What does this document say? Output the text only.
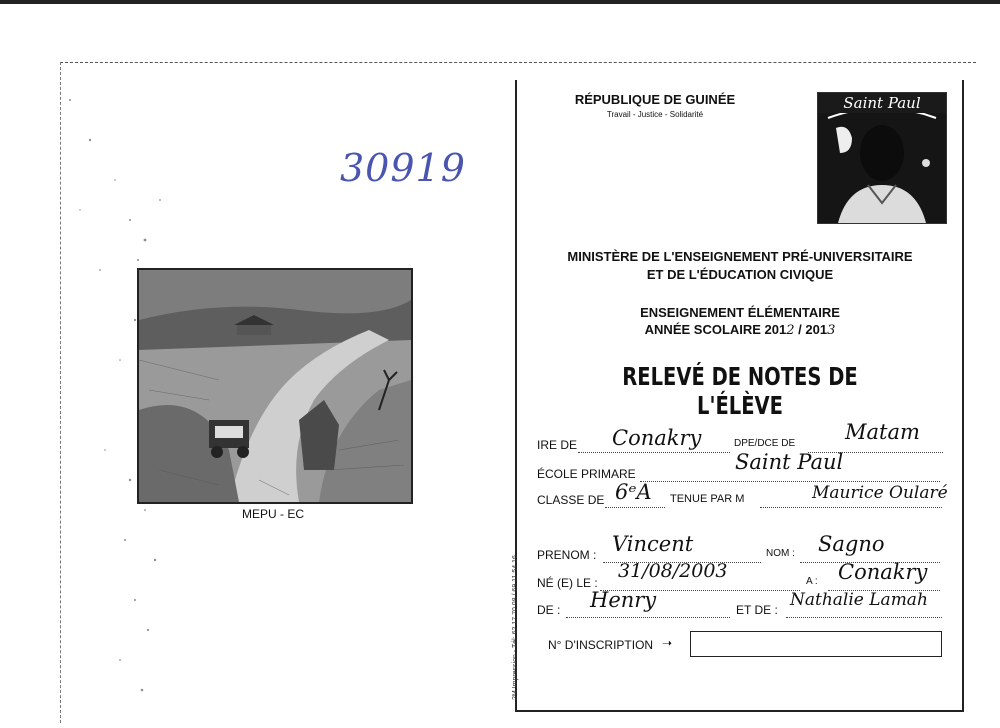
30919
MEPU - EC
2M Impression - Tél: 62 17 70 08 / 69 11 54 16
RÉPUBLIQUE DE GUINÉE
Travail - Justice - Solidarité
Saint Paul
MINISTÈRE DE L'ENSEIGNEMENT PRÉ-UNIVERSITAIRE
ET DE L'ÉDUCATION CIVIQUE
ENSEIGNEMENT ÉLÉMENTAIRE
ANNÉE SCOLAIRE 2012 / 2013
RELEVÉ DE NOTES DE L'ÉLÈVE
IRE DE Conakry	DPE/DCE DE Matam
ÉCOLE PRIMARE	Saint Paul
CLASSE DE 6ᵉA TENUE PAR M	Maurice Oularé
PRENOM : Vincent	NOM : Sagno
NÉ (E) LE :
31/08/2003	A : Conakry
DE : Henry	ET DE : Nathalie Lamah
N° D'INSCRIPTION ➝
